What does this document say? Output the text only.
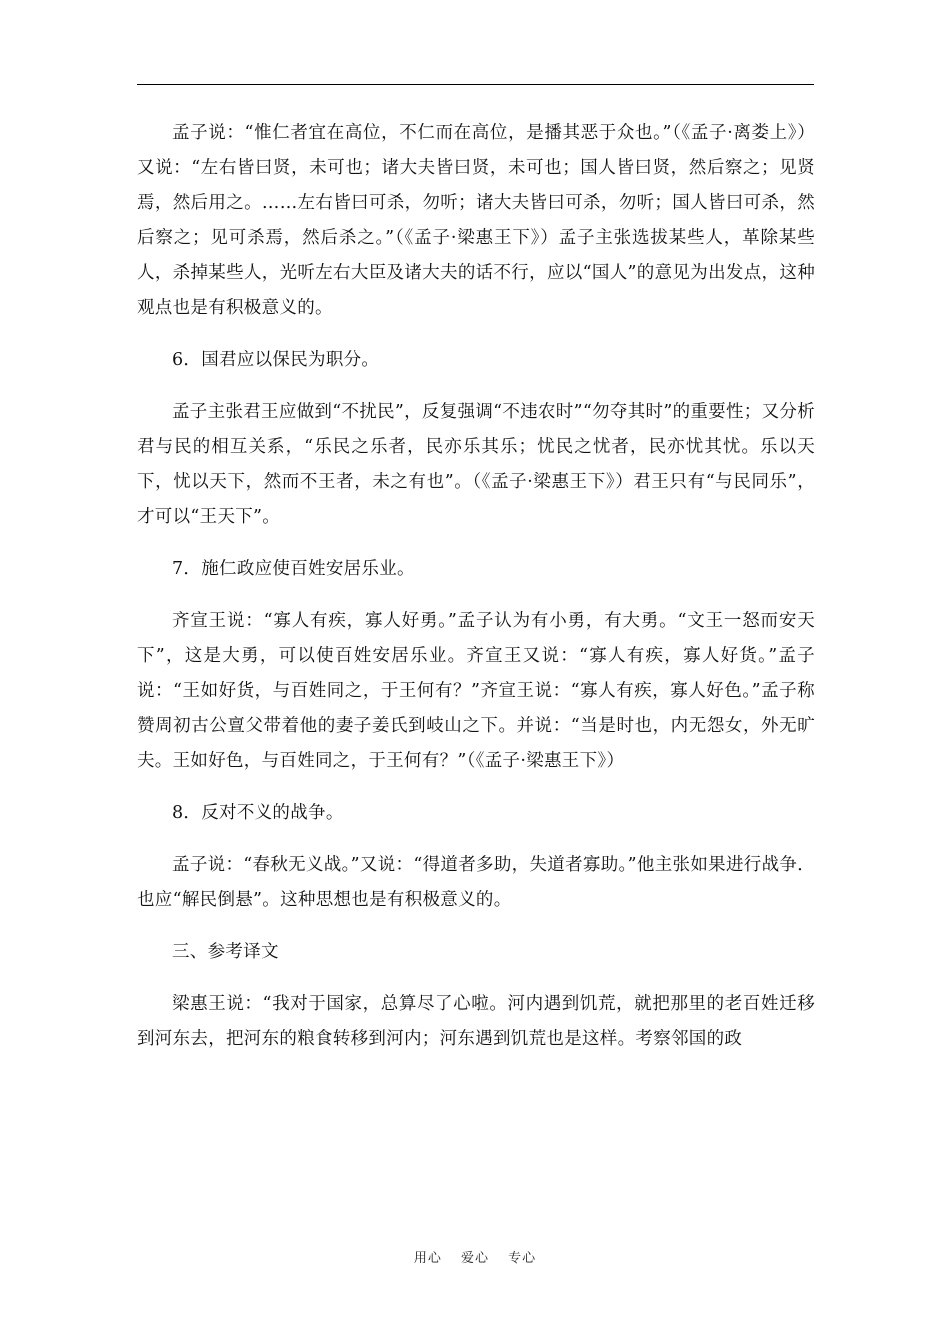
孟子说：“惟仁者宜在高位，不仁而在高位，是播其恶于众也。”（《孟子·离娄上》）又说：“左右皆曰贤，未可也；诸大夫皆曰贤，未可也；国人皆曰贤，然后察之；见贤焉，然后用之。……左右皆曰可杀，勿听；诸大夫皆曰可杀，勿听；国人皆曰可杀，然后察之；见可杀焉，然后杀之。”（《孟子·梁惠王下》）孟子主张选拔某些人，革除某些人，杀掉某些人，光听左右大臣及诸大夫的话不行，应以“国人”的意见为出发点，这种观点也是有积极意义的。

6．国君应以保民为职分。

孟子主张君王应做到“不扰民”，反复强调“不违农时”“勿夺其时”的重要性；又分析君与民的相互关系，“乐民之乐者，民亦乐其乐；忧民之忧者，民亦忧其忧。乐以天下，忧以天下，然而不王者，未之有也”。（《孟子·梁惠王下》）君王只有“与民同乐”，才可以“王天下”。

7．施仁政应使百姓安居乐业。

齐宣王说：“寡人有疾，寡人好勇。”孟子认为有小勇，有大勇。“文王一怒而安天下”，这是大勇，可以使百姓安居乐业。齐宣王又说：“寡人有疾，寡人好货。”孟子说：“王如好货，与百姓同之，于王何有？”齐宣王说：“寡人有疾，寡人好色。”孟子称赞周初古公亶父带着他的妻子姜氏到岐山之下。并说：“当是时也，内无怨女，外无旷夫。王如好色，与百姓同之，于王何有？”（《孟子·梁惠王下》）

8．反对不义的战争。

孟子说：“春秋无义战。”又说：“得道者多助，失道者寡助。”他主张如果进行战争．也应“解民倒悬”。这种思想也是有积极意义的。

三、参考译文

梁惠王说：“我对于国家，总算尽了心啦。河内遇到饥荒，就把那里的老百姓迁移到河东去，把河东的粮食转移到河内；河东遇到饥荒也是这样。考察邻国的政

用心 爱心 专心
